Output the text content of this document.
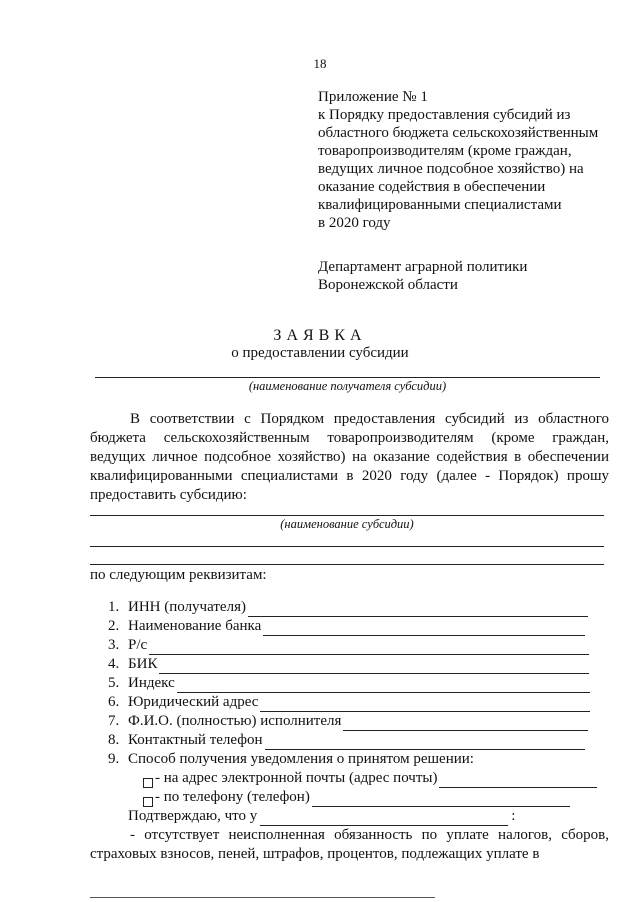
18
Приложение № 1
к Порядку предоставления субсидий из
областного бюджета сельскохозяйственным
товаропроизводителям (кроме граждан,
ведущих личное подсобное хозяйство) на
оказание содействия в обеспечении
квалифицированными специалистами
в 2020 году
Департамент аграрной политики
Воронежской области
ЗАЯВКА
о предоставлении субсидии
(наименование получателя субсидии)
В соответствии с Порядком предоставления субсидий из областного бюджета сельскохозяйственным товаропроизводителям (кроме граждан, ведущих личное подсобное хозяйство) на оказание содействия в обеспечении квалифицированными специалистами в 2020 году (далее - Порядок) прошу предоставить субсидию:
(наименование субсидии)
по следующим реквизитам:
1. ИНН (получателя)
2. Наименование банка
3. Р/с
4. БИК
5. Индекс
6. Юридический адрес
7. Ф.И.О. (полностью) исполнителя
8. Контактный телефон
9. Способ получения уведомления о принятом решении:
- на адрес электронной почты (адрес почты)
- по телефону (телефон)
Подтверждаю, что у	:
- отсутствует неисполненная обязанность по уплате налогов, сборов, страховых взносов, пеней, штрафов, процентов, подлежащих уплате в
